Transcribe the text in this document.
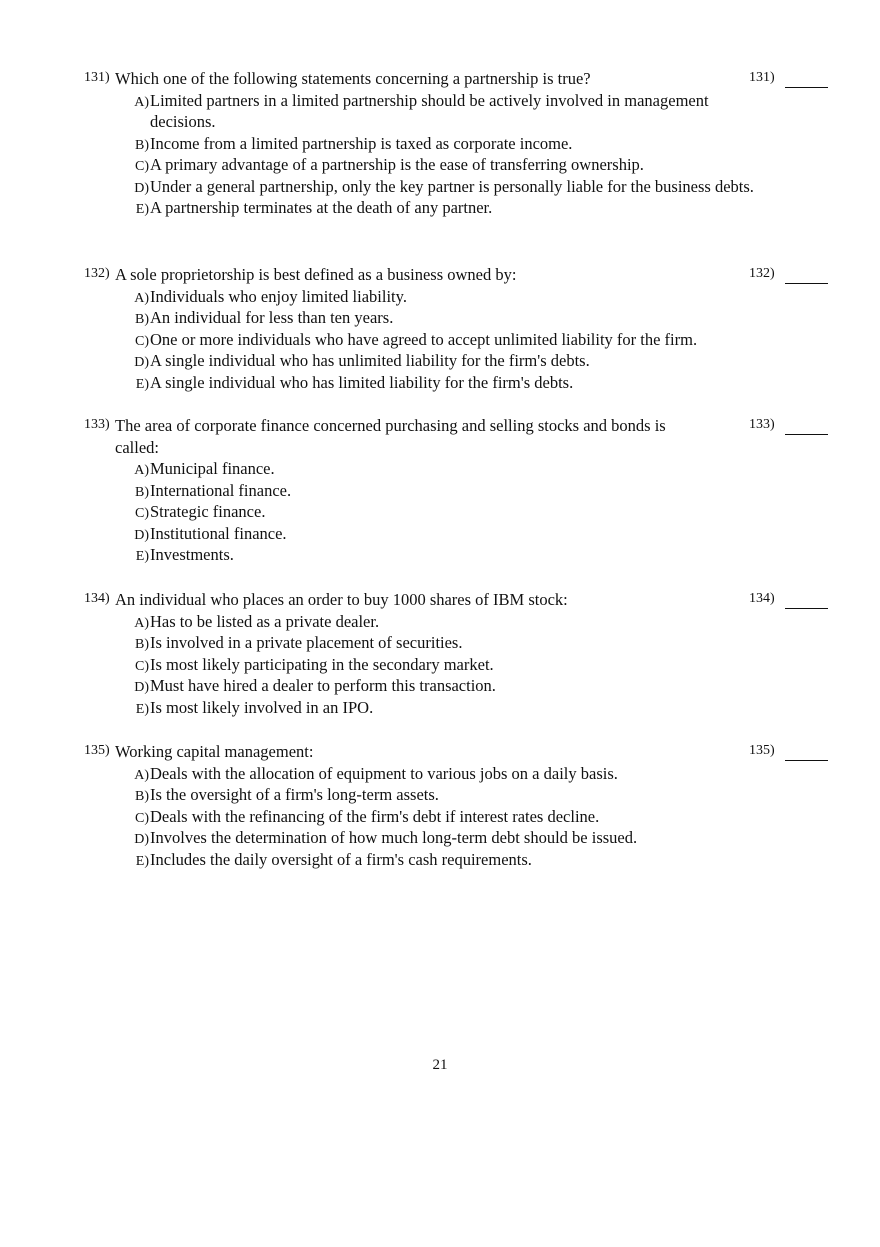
131) Which one of the following statements concerning a partnership is true?	131)
A) Limited partners in a limited partnership should be actively involved in management decisions.
B) Income from a limited partnership is taxed as corporate income.
C) A primary advantage of a partnership is the ease of transferring ownership.
D) Under a general partnership, only the key partner is personally liable for the business debts.
E) A partnership terminates at the death of any partner.
132) A sole proprietorship is best defined as a business owned by:	132)
A) Individuals who enjoy limited liability.
B) An individual for less than ten years.
C) One or more individuals who have agreed to accept unlimited liability for the firm.
D) A single individual who has unlimited liability for the firm's debts.
E) A single individual who has limited liability for the firm's debts.
133) The area of corporate finance concerned purchasing and selling stocks and bonds is called:
133)
A) Municipal finance.
B) International finance.
C) Strategic finance.
D) Institutional finance.
E) Investments.
134) An individual who places an order to buy 1000 shares of IBM stock:	134)
A) Has to be listed as a private dealer.
B) Is involved in a private placement of securities.
C) Is most likely participating in the secondary market.
D) Must have hired a dealer to perform this transaction.
E) Is most likely involved in an IPO.
135) Working capital management:	135)
A) Deals with the allocation of equipment to various jobs on a daily basis.
B) Is the oversight of a firm's long-term assets.
C) Deals with the refinancing of the firm's debt if interest rates decline.
D) Involves the determination of how much long-term debt should be issued.
E) Includes the daily oversight of a firm's cash requirements.
21
